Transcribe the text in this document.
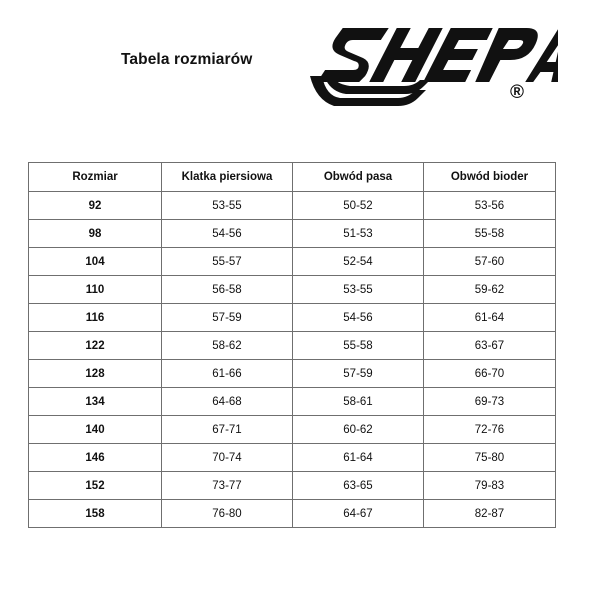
Tabela rozmiarów
®
Rozmiar	Klatka piersiowa	Obwód pasa	Obwód bioder
92	53-55	50-52	53-56
98	54-56	51-53	55-58
104	55-57	52-54	57-60
110	56-58	53-55	59-62
116	57-59	54-56	61-64
122	58-62	55-58	63-67
128	61-66	57-59	66-70
134	64-68	58-61	69-73
140	67-71	60-62	72-76
146	70-74	61-64	75-80
152	73-77	63-65	79-83
158	76-80	64-67	82-87
